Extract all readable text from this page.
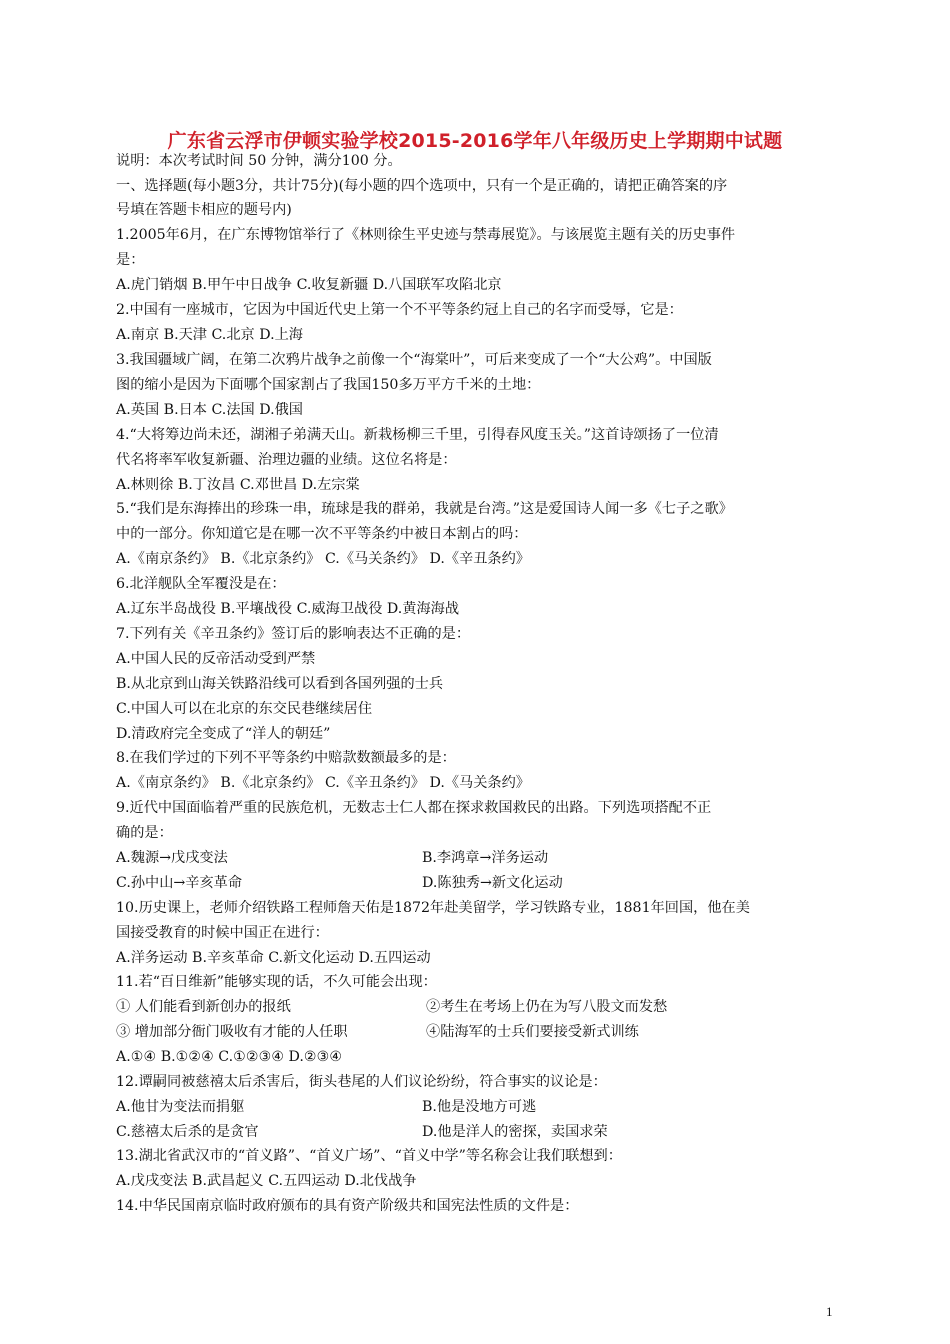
广东省云浮市伊顿实验学校2015-2016学年八年级历史上学期期中试题
说明：本次考试时间 50 分钟，满分100 分。
一、选择题(每小题3分，共计75分)(每小题的四个选项中，只有一个是正确的，请把正确答案的序
号填在答题卡相应的题号内)
1.2005年6月，在广东博物馆举行了《林则徐生平史迹与禁毒展览》。与该展览主题有关的历史事件
是：
A.虎门销烟 B.甲午中日战争 C.收复新疆 D.八国联军攻陷北京
2.中国有一座城市，它因为中国近代史上第一个不平等条约冠上自己的名字而受辱，它是：
A.南京 B.天津 C.北京 D.上海
3.我国疆域广阔，在第二次鸦片战争之前像一个“海棠叶”，可后来变成了一个“大公鸡”。中国版
图的缩小是因为下面哪个国家割占了我国150多万平方千米的土地：
A.英国 B.日本 C.法国 D.俄国
4.“大将筹边尚未还，湖湘子弟满天山。新栽杨柳三千里，引得春风度玉关。”这首诗颂扬了一位清
代名将率军收复新疆、治理边疆的业绩。这位名将是：
A.林则徐 B.丁汝昌 C.邓世昌 D.左宗棠
5.“我们是东海捧出的珍珠一串，琉球是我的群弟，我就是台湾。”这是爱国诗人闻一多《七子之歌》
中的一部分。你知道它是在哪一次不平等条约中被日本割占的吗：
A.《南京条约》 B.《北京条约》 C.《马关条约》 D.《辛丑条约》
6.北洋舰队全军覆没是在：
A.辽东半岛战役 B.平壤战役 C.威海卫战役 D.黄海海战
7.下列有关《辛丑条约》签订后的影响表达不正确的是：
A.中国人民的反帝活动受到严禁
B.从北京到山海关铁路沿线可以看到各国列强的士兵
C.中国人可以在北京的东交民巷继续居住
D.清政府完全变成了“洋人的朝廷”
8.在我们学过的下列不平等条约中赔款数额最多的是：
A.《南京条约》 B.《北京条约》 C.《辛丑条约》 D.《马关条约》
9.近代中国面临着严重的民族危机，无数志士仁人都在探求救国救民的出路。下列选项搭配不正
确的是：
A.魏源→戊戌变法	B.李鸿章→洋务运动
C.孙中山→辛亥革命	D.陈独秀→新文化运动
10.历史课上，老师介绍铁路工程师詹天佑是1872年赴美留学，学习铁路专业，1881年回国，他在美
国接受教育的时候中国正在进行：
A.洋务运动 B.辛亥革命 C.新文化运动 D.五四运动
11.若“百日维新”能够实现的话，不久可能会出现：
① 人们能看到新创办的报纸	②考生在考场上仍在为写八股文而发愁
③ 增加部分衙门吸收有才能的人任职	④陆海军的士兵们要接受新式训练
A.①④ B.①②④ C.①②③④ D.②③④
12.谭嗣同被慈禧太后杀害后，街头巷尾的人们议论纷纷，符合事实的议论是：
A.他甘为变法而捐躯	B.他是没地方可逃
C.慈禧太后杀的是贪官	D.他是洋人的密探，卖国求荣
13.湖北省武汉市的“首义路”、“首义广场”、“首义中学”等名称会让我们联想到：
A.戊戌变法 B.武昌起义 C.五四运动 D.北伐战争
14.中华民国南京临时政府颁布的具有资产阶级共和国宪法性质的文件是：
1
